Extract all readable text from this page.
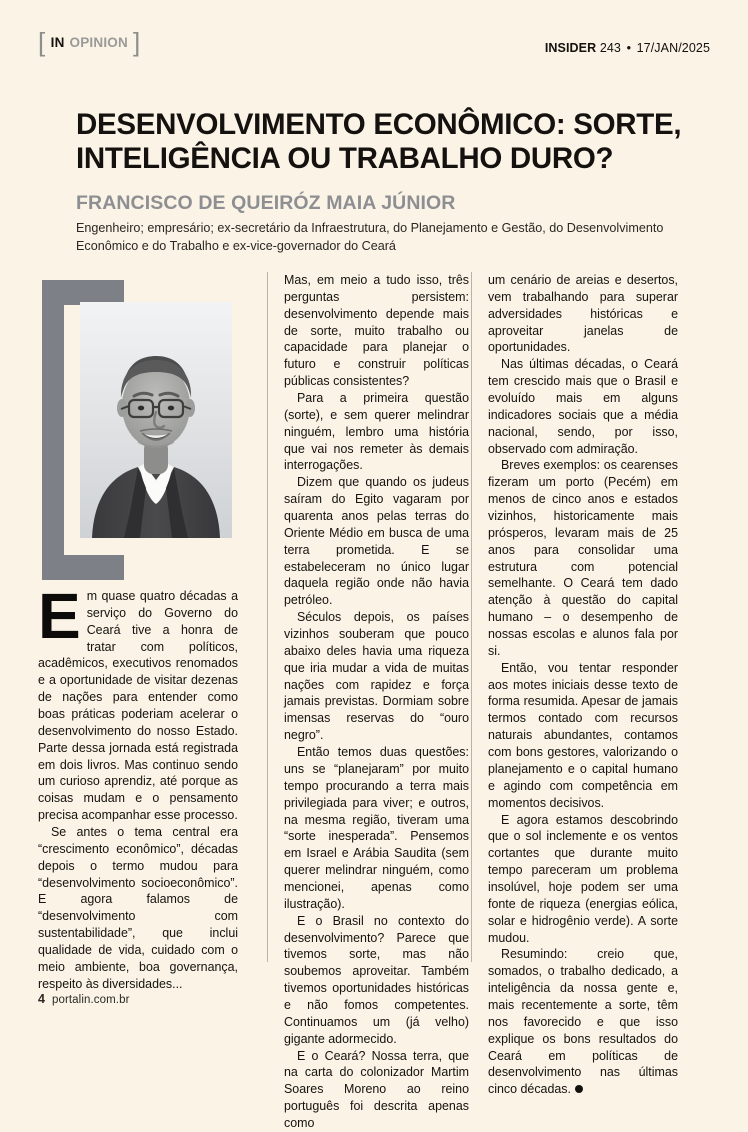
[ IN OPINION ]	INSIDER 243 • 17/JAN/2025
DESENVOLVIMENTO ECONÔMICO: SORTE, INTELIGÊNCIA OU TRABALHO DURO?
FRANCISCO DE QUEIRÓZ MAIA JÚNIOR
Engenheiro; empresário; ex-secretário da Infraestrutura, do Planejamento e Gestão, do Desenvolvimento Econômico e do Trabalho e ex-vice-governador do Ceará

Em quase quatro décadas a serviço do Governo do Ceará tive a honra de tratar com políticos, acadêmicos, executivos renomados e a oportunidade de visitar dezenas de nações para entender como boas práticas poderiam acelerar o desenvolvimento do nosso Estado. Parte dessa jornada está registrada em dois livros. Mas continuo sendo um curioso aprendiz, até porque as coisas mudam e o pensamento precisa acompanhar esse processo.

Se antes o tema central era “crescimento econômico”, décadas depois o termo mudou para “desenvolvimento socioeconômico”. E agora falamos de “desenvolvimento com sustentabilidade”, que inclui qualidade de vida, cuidado com o meio ambiente, boa governança, respeito às diversidades...

Mas, em meio a tudo isso, três perguntas persistem: desenvolvimento depende mais de sorte, muito trabalho ou capacidade para planejar o futuro e construir políticas públicas consistentes?

Para a primeira questão (sorte), e sem querer melindrar ninguém, lembro uma história que vai nos remeter às demais interrogações.

Dizem que quando os judeus saíram do Egito vagaram por quarenta anos pelas terras do Oriente Médio em busca de uma terra prometida. E se estabeleceram no único lugar daquela região onde não havia petróleo.

Séculos depois, os países vizinhos souberam que pouco abaixo deles havia uma riqueza que iria mudar a vida de muitas nações com rapidez e força jamais previstas. Dormiam sobre imensas reservas do “ouro negro”.

Então temos duas questões: uns se “planejaram” por muito tempo procurando a terra mais privilegiada para viver; e outros, na mesma região, tiveram uma “sorte inesperada”. Pensemos em Israel e Arábia Saudita (sem querer melindrar ninguém, como mencionei, apenas como ilustração).

E o Brasil no contexto do desenvolvimento? Parece que tivemos sorte, mas não soubemos aproveitar. Também tivemos oportunidades históricas e não fomos competentes. Continuamos um (já velho) gigante adormecido.

E o Ceará? Nossa terra, que na carta do colonizador Martim Soares Moreno ao reino português foi descrita apenas como

um cenário de areias e desertos, vem trabalhando para superar adversidades históricas e aproveitar janelas de oportunidades.

Nas últimas décadas, o Ceará tem crescido mais que o Brasil e evoluído mais em alguns indicadores sociais que a média nacional, sendo, por isso, observado com admiração.

Breves exemplos: os cearenses fizeram um porto (Pecém) em menos de cinco anos e estados vizinhos, historicamente mais prósperos, levaram mais de 25 anos para consolidar uma estrutura com potencial semelhante. O Ceará tem dado atenção à questão do capital humano – o desempenho de nossas escolas e alunos fala por si.

Então, vou tentar responder aos motes iniciais desse texto de forma resumida. Apesar de jamais termos contado com recursos naturais abundantes, contamos com bons gestores, valorizando o planejamento e o capital humano e agindo com competência em momentos decisivos.

E agora estamos descobrindo que o sol inclemente e os ventos cortantes que durante muito tempo pareceram um problema insolúvel, hoje podem ser uma fonte de riqueza (energias eólica, solar e hidrogênio verde). A sorte mudou.

Resumindo: creio que, somados, o trabalho dedicado, a inteligência da nossa gente e, mais recentemente a sorte, têm nos favorecido e que isso explique os bons resultados do Ceará em políticas de desenvolvimento nas últimas cinco décadas.

4 portalin.com.br
